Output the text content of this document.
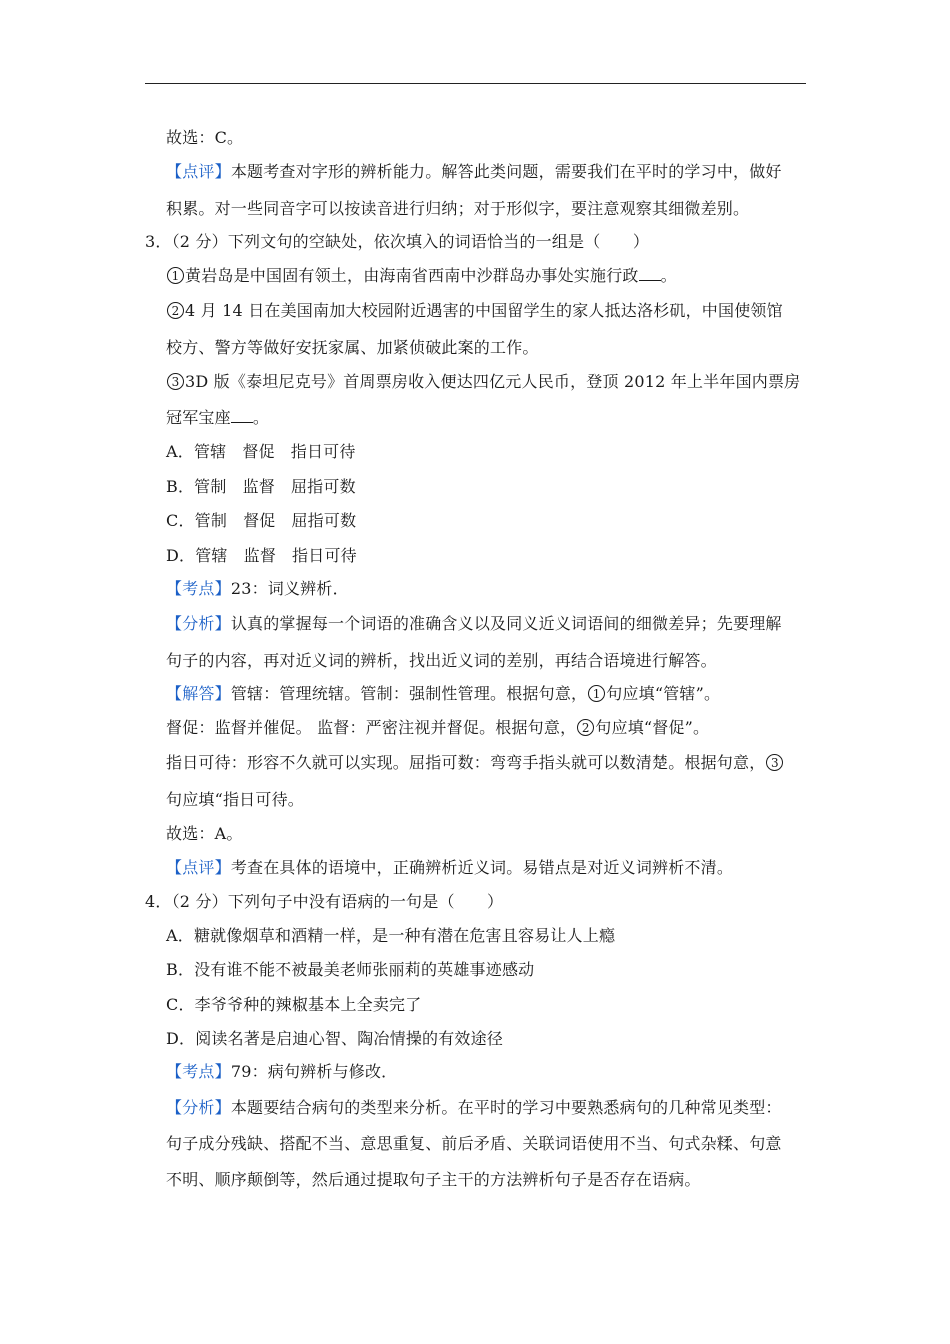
故选：C。
【点评】本题考查对字形的辨析能力。解答此类问题，需要我们在平时的学习中，做好
积累。对一些同音字可以按读音进行归纳；对于形似字，要注意观察其细微差别。
3．（2 分）下列文句的空缺处，依次填入的词语恰当的一组是（　　）
1 黄岩岛是中国固有领土，由海南省西南中沙群岛办事处实施行政 。
2 4 月 14 日在美国南加大校园附近遇害的中国留学生的家人抵达洛杉矶，中国使领馆
校方、警方等做好安抚家属、加紧侦破此案的工作。
3 3D 版《泰坦尼克号》首周票房收入便达四亿元人民币，登顶 2012 年上半年国内票房
冠军宝座 。
A．管辖 督促 指日可待
B．管制 监督 屈指可数
C．管制 督促 屈指可数
D．管辖 监督 指日可待
【考点】23：词义辨析．
【分析】认真的掌握每一个词语的准确含义以及同义近义词语间的细微差异；先要理解
句子的内容，再对近义词的辨析，找出近义词的差别，再结合语境进行解答。
【解答】管辖：管理统辖。管制：强制性管理。根据句意， 1 句应填“管辖”。
督促：监督并催促。 监督：严密注视并督促。根据句意， 2 句应填“督促”。
指日可待：形容不久就可以实现。屈指可数：弯弯手指头就可以数清楚。根据句意， 3
句应填“指日可待。
故选：A。
【点评】考查在具体的语境中，正确辨析近义词。易错点是对近义词辨析不清。
4．（2 分）下列句子中没有语病的一句是（　　）
A．糖就像烟草和酒精一样，是一种有潜在危害且容易让人上瘾
B．没有谁不能不被最美老师张丽莉的英雄事迹感动
C．李爷爷种的辣椒基本上全卖完了
D．阅读名著是启迪心智、陶冶情操的有效途径
【考点】79：病句辨析与修改．
【分析】本题要结合病句的类型来分析。在平时的学习中要熟悉病句的几种常见类型：
句子成分残缺、搭配不当、意思重复、前后矛盾、关联词语使用不当、句式杂糅、句意
不明、顺序颠倒等，然后通过提取句子主干的方法辨析句子是否存在语病。
